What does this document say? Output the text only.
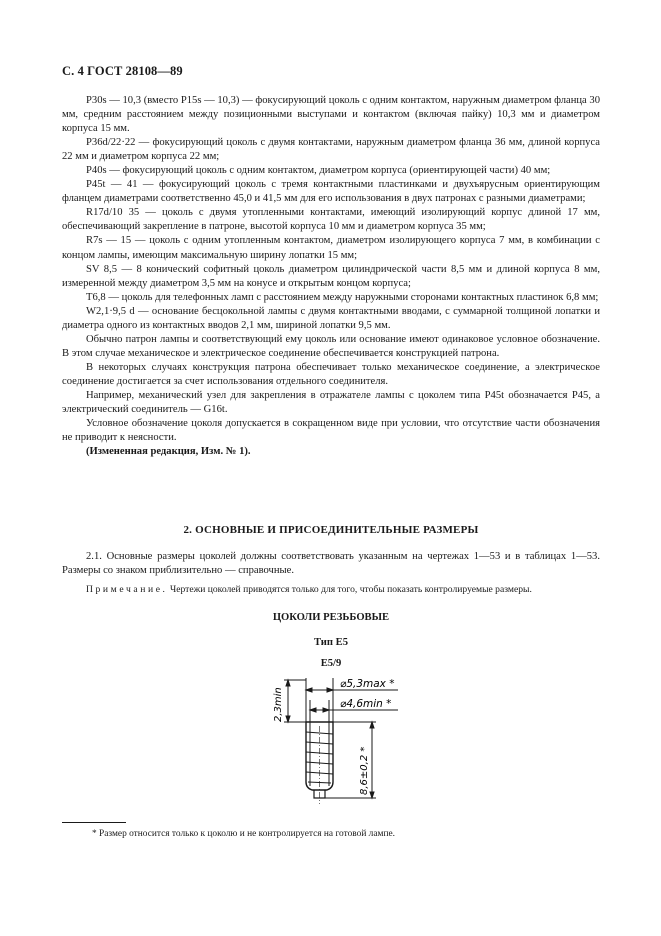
С. 4 ГОСТ 28108—89

P30s — 10,3 (вместо P15s — 10,3) — фокусирующий цоколь с одним контактом, наружным диаметром фланца 30 мм, средним расстоянием между позиционными выступами и контактом (включая пайку) 10,3 мм и диаметром корпуса 15 мм.

P36d/22·22 — фокусирующий цоколь с двумя контактами, наружным диаметром фланца 36 мм, длиной корпуса 22 мм и диаметром корпуса 22 мм;

P40s — фокусирующий цоколь с одним контактом, диаметром корпуса (ориентирующей части) 40 мм;

P45t — 41 — фокусирующий цоколь с тремя контактными пластинками и двухъярусным ориентирующим фланцем диаметрами соответственно 45,0 и 41,5 мм для его использования в двух патронах с разными диаметрами;

R17d/10 35 — цоколь с двумя утопленными контактами, имеющий изолирующий корпус длиной 17 мм, обеспечивающий закрепление в патроне, высотой корпуса 10 мм и диаметром корпуса 35 мм;

R7s — 15 — цоколь с одним утопленным контактом, диаметром изолирующего корпуса 7 мм, в комбинации с концом лампы, имеющим максимальную ширину лопатки 15 мм;

SV 8,5 — 8 конический софитный цоколь диаметром цилиндрической части 8,5 мм и длиной корпуса 8 мм, измеренной между диаметром 3,5 мм на конусе и открытым концом корпуса;

T6,8 — цоколь для телефонных ламп с расстоянием между наружными сторонами контактных пластинок 6,8 мм;

W2,1·9,5 d — основание бесцокольной лампы с двумя контактными вводами, с суммарной толщиной лопатки и диаметра одного из контактных вводов 2,1 мм, шириной лопатки 9,5 мм.

Обычно патрон лампы и соответствующий ему цоколь или основание имеют одинаковое условное обозначение. В этом случае механическое и электрическое соединение обеспечивается конструкцией патрона.

В некоторых случаях конструкция патрона обеспечивает только механическое соединение, а электрическое соединение достигается за счет использования отдельного соединителя.

Например, механический узел для закрепления в отражателе лампы с цоколем типа P45t обозначается P45, а электрический соединитель — G16t.

Условное обозначение цоколя допускается в сокращенном виде при условии, что отсутствие части обозначения не приводит к неясности.

(Измененная редакция, Изм. № 1).

2. ОСНОВНЫЕ И ПРИСОЕДИНИТЕЛЬНЫЕ РАЗМЕРЫ

2.1. Основные размеры цоколей должны соответствовать указанным на чертежах 1—53 и в таблицах 1—53. Размеры со знаком приблизительно — справочные.

Примечание. Чертежи цоколей приводятся только для того, чтобы показать контролируемые размеры.
ЦОКОЛИ РЕЗЬБОВЫЕ
Тип E5
E5/9
⌀5,3max *
⌀4,6min *
2,3min
8,6±0,2 *
* Размер относится только к цоколю и не контролируется на готовой лампе.
